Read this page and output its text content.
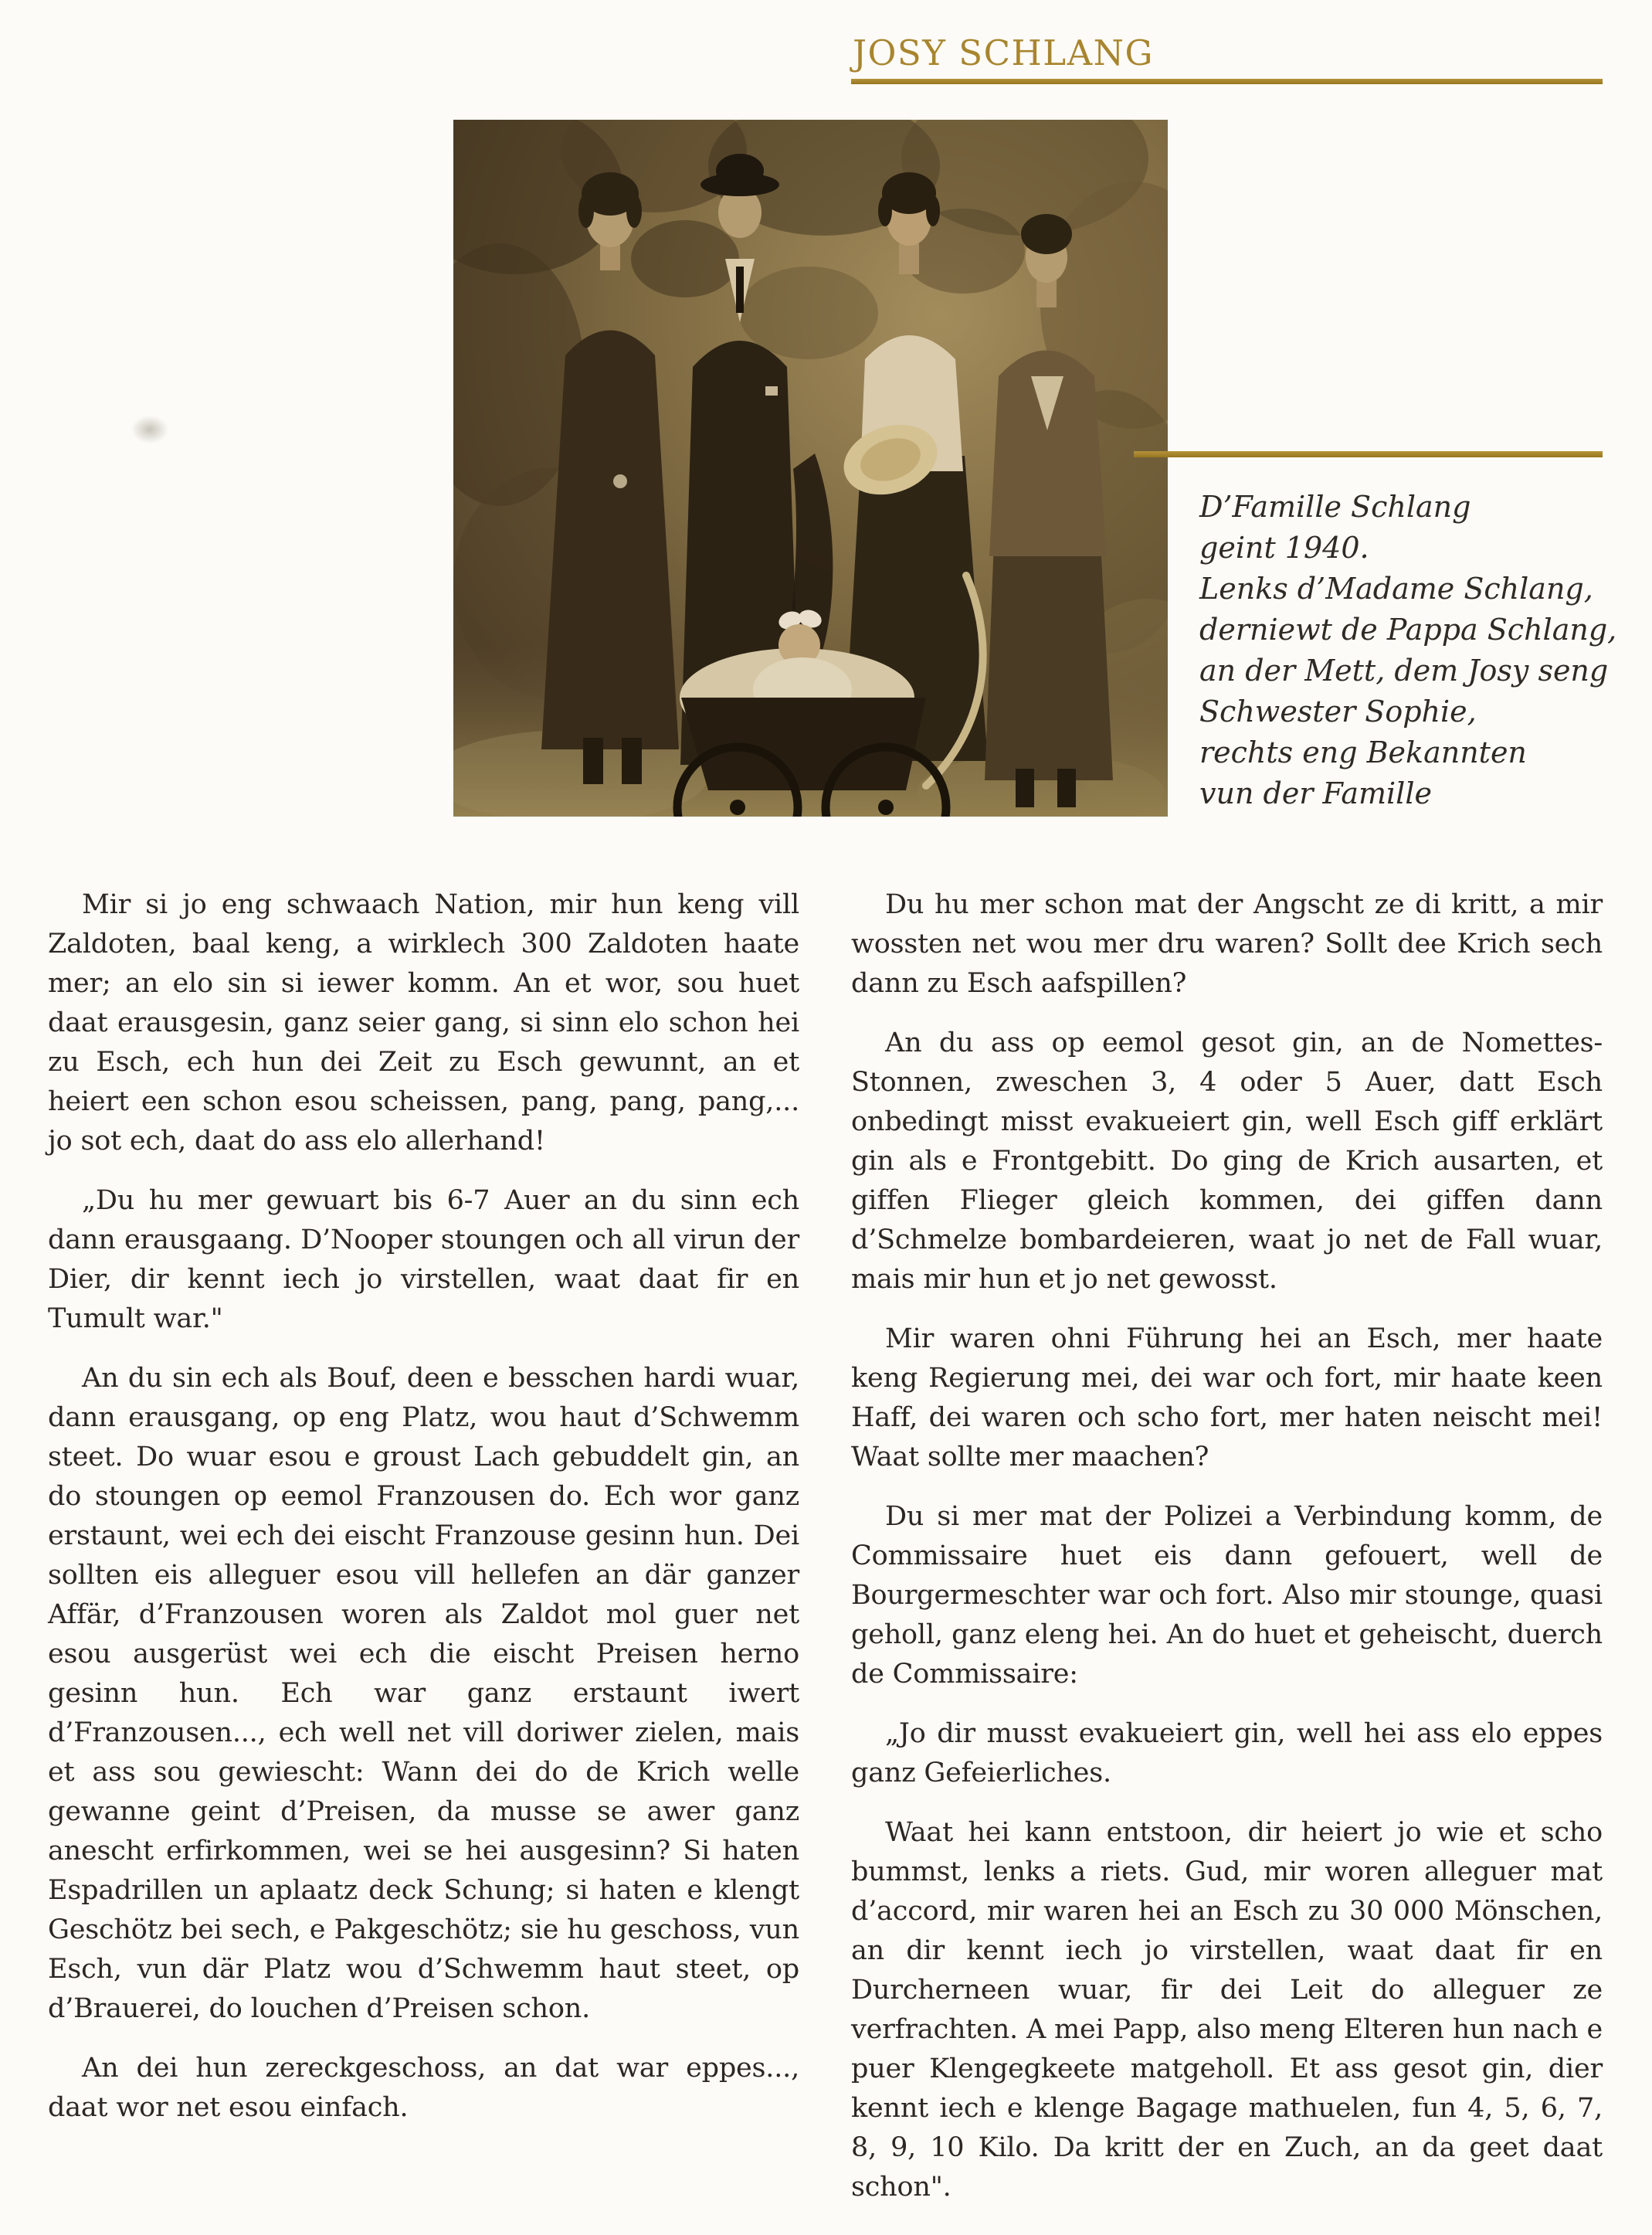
JOSY SCHLANG
D’Famille Schlang
geint 1940.
Lenks d’Madame Schlang,
derniewt de Pappa Schlang,
an der Mett, dem Josy seng
Schwester Sophie,
rechts eng Bekannten
vun der Famille

Mir si jo eng schwaach Nation, mir hun keng vill Zaldoten, baal keng, a wirklech 300 Zaldoten haate mer; an elo sin si iewer komm. An et wor, sou huet daat erausgesin, ganz seier gang, si sinn elo schon hei zu Esch, ech hun dei Zeit zu Esch gewunnt, an et heiert een schon esou scheissen, pang, pang, pang,... jo sot ech, daat do ass elo allerhand!

„Du hu mer gewuart bis 6-7 Auer an du sinn ech dann erausgaang. D’Nooper stoungen och all virun der Dier, dir kennt iech jo virstellen, waat daat fir en Tumult war."

An du sin ech als Bouf, deen e besschen hardi wuar, dann erausgang, op eng Platz, wou haut d’Schwemm steet. Do wuar esou e groust Lach gebuddelt gin, an do stoungen op eemol Franzousen do. Ech wor ganz erstaunt, wei ech dei eischt Franzouse gesinn hun. Dei sollten eis alleguer esou vill hellefen an där ganzer Affär, d’Franzousen woren als Zaldot mol guer net esou ausgerüst wei ech die eischt Preisen herno gesinn hun. Ech war ganz erstaunt iwert d’Franzousen..., ech well net vill doriwer zielen, mais et ass sou gewiescht: Wann dei do de Krich welle gewanne geint d’Preisen, da musse se awer ganz anescht erfirkommen, wei se hei ausgesinn? Si haten Espadrillen un aplaatz deck Schung; si haten e klengt Geschötz bei sech, e Pakgeschötz; sie hu geschoss, vun Esch, vun där Platz wou d’Schwemm haut steet, op d’Brauerei, do louchen d’Preisen schon.

An dei hun zereckgeschoss, an dat war eppes..., daat wor net esou einfach.

Du hu mer schon mat der Angscht ze di kritt, a mir wossten net wou mer dru waren? Sollt dee Krich sech dann zu Esch aafspillen?

An du ass op eemol gesot gin, an de Nomettes-Stonnen, zweschen 3, 4 oder 5 Auer, datt Esch onbedingt misst evakueiert gin, well Esch giff erklärt gin als e Frontgebitt. Do ging de Krich ausarten, et giffen Flieger gleich kommen, dei giffen dann d’Schmelze bombardeieren, waat jo net de Fall wuar, mais mir hun et jo net gewosst.

Mir waren ohni Führung hei an Esch, mer haate keng Regierung mei, dei war och fort, mir haate keen Haff, dei waren och scho fort, mer haten neischt mei! Waat sollte mer maachen?

Du si mer mat der Polizei a Verbindung komm, de Commissaire huet eis dann gefouert, well de Bourgermeschter war och fort. Also mir stounge, quasi geholl, ganz eleng hei. An do huet et geheischt, duerch de Commissaire:

„Jo dir musst evakueiert gin, well hei ass elo eppes ganz Gefeierliches.

Waat hei kann entstoon, dir heiert jo wie et scho bummst, lenks a riets. Gud, mir woren alleguer mat d’accord, mir waren hei an Esch zu 30 000 Mönschen, an dir kennt iech jo virstellen, waat daat fir en Durcherneen wuar, fir dei Leit do alleguer ze verfrachten. A mei Papp, also meng Elteren hun nach e puer Klengegkeete matgeholl. Et ass gesot gin, dier kennt iech e klenge Bagage mathuelen, fun 4, 5, 6, 7, 8, 9, 10 Kilo. Da kritt der en Zuch, an da geet daat schon".
